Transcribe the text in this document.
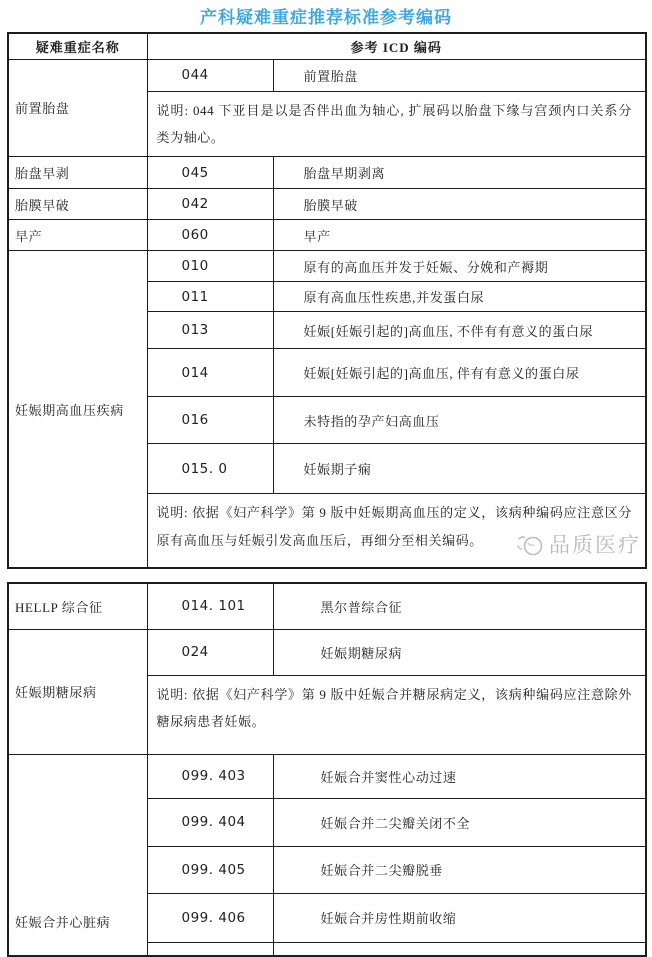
产科疑难重症推荐标准参考编码
疑难重症名称	参考 ICD 编码	
前置胎盘	044	前置胎盘
	说明: 044 下亚目是以是否伴出血为轴心, 扩展码以胎盘下缘与宫颈内口关系分类为轴心。	
胎盘早剥	045	胎盘早期剥离
胎膜早破	042	胎膜早破
早产	060	早产
妊娠期高血压疾病	010	原有的高血压并发于妊娠、分娩和产褥期
	011	原有高血压性疾患,并发蛋白尿
	013	妊娠[妊娠引起的]高血压, 不伴有有意义的蛋白尿
	014	妊娠[妊娠引起的]高血压, 伴有有意义的蛋白尿
	016	未特指的孕产妇高血压
	015. 0	妊娠期子痫
	说明: 依据《妇产科学》第 9 版中妊娠期高血压的定义，该病种编码应注意区分原有高血压与妊娠引发高血压后，再细分至相关编码。 品质医疗	
HELLP 综合征	014. 101	黑尔普综合征
妊娠期糖尿病	024	妊娠期糖尿病
	说明: 依据《妇产科学》第 9 版中妊娠合并糖尿病定义，该病种编码应注意除外糖尿病患者妊娠。	
妊娠合并心脏病	099. 403	妊娠合并窦性心动过速
	099. 404	妊娠合并二尖瓣关闭不全
	099. 405	妊娠合并二尖瓣脱垂
	099. 406	妊娠合并房性期前收缩
